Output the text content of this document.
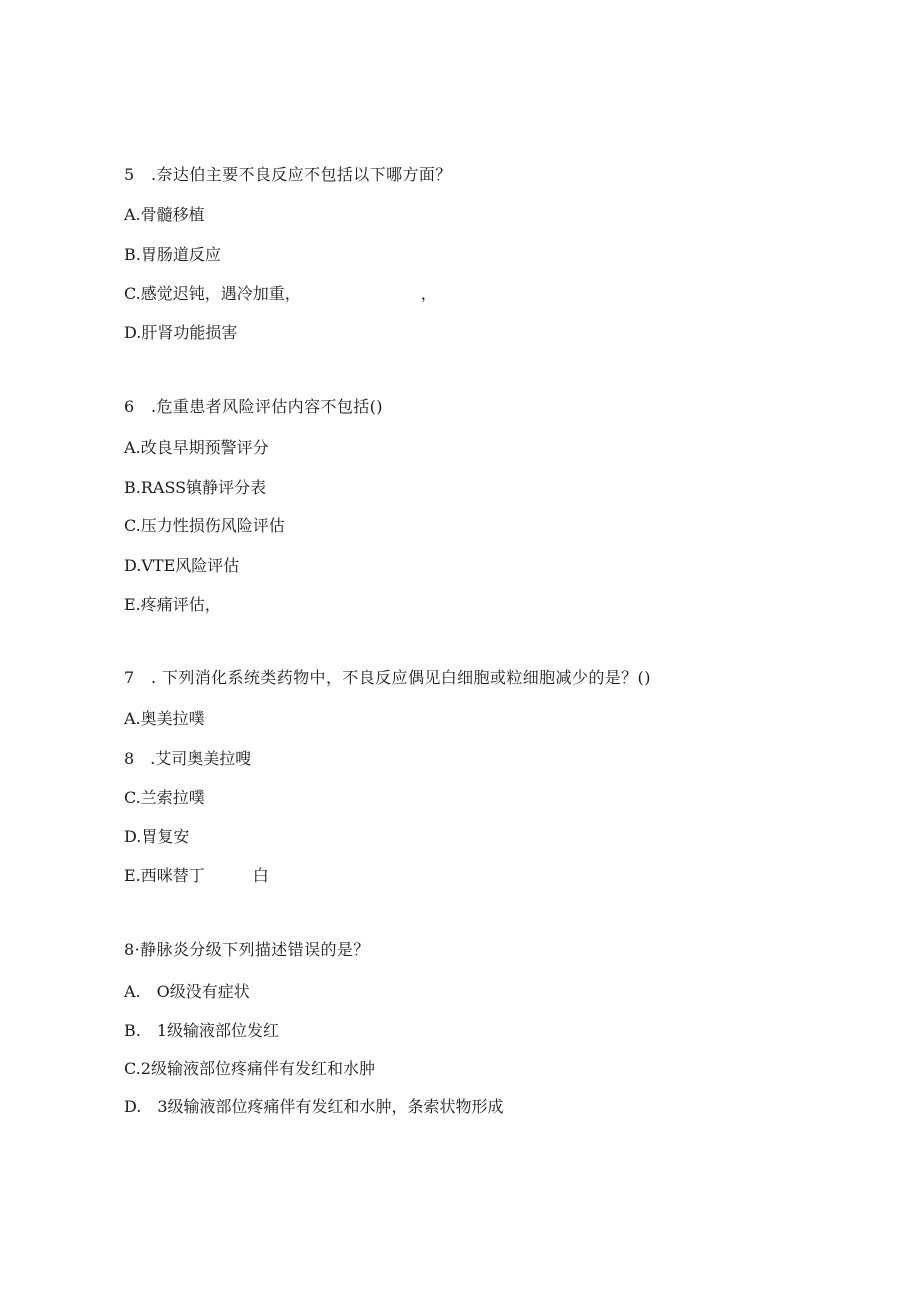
5　.奈达伯主要不良反应不包括以下哪方面？
A.骨髓移植
B.胃肠道反应
C.感觉迟钝，遇冷加重，　　　　　　　　，
D.肝肾功能损害
6　.危重患者风险评估内容不包括()
A.改良早期预警评分
B.RASS镇静评分表
C.压力性损伤风险评估
D.VTE风险评估
E.疼痛评估，
7　. 下列消化系统类药物中，不良反应偶见白细胞或粒细胞减少的是？()
A.奥美拉噗
8　.艾司奥美拉嗖
C.兰索拉噗
D.胃复安
E.西咪替丁　　　白
8·静脉炎分级下列描述错误的是？
A.　O级没有症状
B.　1级输液部位发红
C.2级输液部位疼痛伴有发红和水肿
D.　3级输液部位疼痛伴有发红和水肿，条索状物形成
